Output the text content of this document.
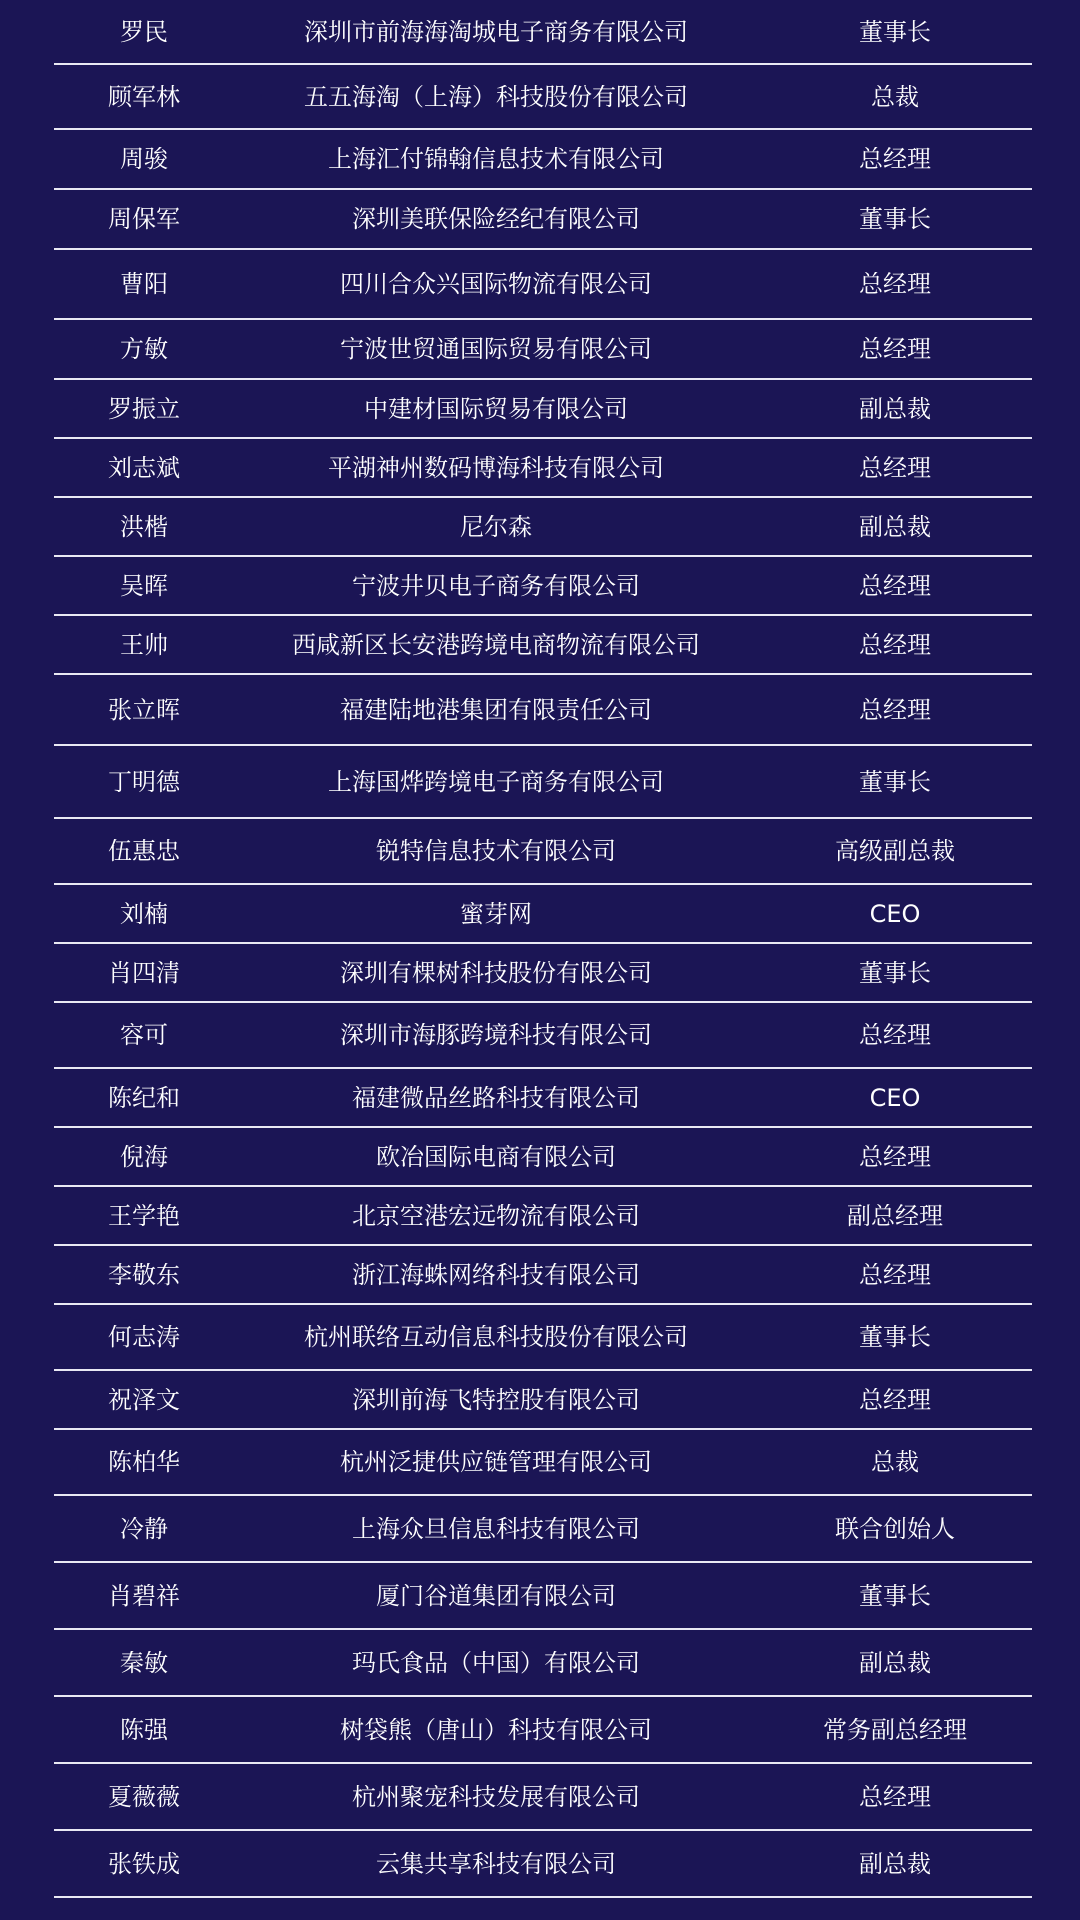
罗民	深圳市前海海淘城电子商务有限公司	董事长
顾军林	五五海淘（上海）科技股份有限公司	总裁
周骏	上海汇付锦翰信息技术有限公司	总经理
周保军	深圳美联保险经纪有限公司	董事长
曹阳	四川合众兴国际物流有限公司	总经理
方敏	宁波世贸通国际贸易有限公司	总经理
罗振立	中建材国际贸易有限公司	副总裁
刘志斌	平湖神州数码博海科技有限公司	总经理
洪楷	尼尔森	副总裁
吴晖	宁波井贝电子商务有限公司	总经理
王帅	西咸新区长安港跨境电商物流有限公司	总经理
张立晖	福建陆地港集团有限责任公司	总经理
丁明德	上海国烨跨境电子商务有限公司	董事长
伍惠忠	锐特信息技术有限公司	高级副总裁
刘楠	蜜芽网	CEO
肖四清	深圳有棵树科技股份有限公司	董事长
容可	深圳市海豚跨境科技有限公司	总经理
陈纪和	福建微品丝路科技有限公司	CEO
倪海	欧冶国际电商有限公司	总经理
王学艳	北京空港宏远物流有限公司	副总经理
李敬东	浙江海蛛网络科技有限公司	总经理
何志涛	杭州联络互动信息科技股份有限公司	董事长
祝泽文	深圳前海飞特控股有限公司	总经理
陈柏华	杭州泛捷供应链管理有限公司	总裁
冷静	上海众旦信息科技有限公司	联合创始人
肖碧祥	厦门谷道集团有限公司	董事长
秦敏	玛氏食品（中国）有限公司	副总裁
陈强	树袋熊（唐山）科技有限公司	常务副总经理
夏薇薇	杭州聚宠科技发展有限公司	总经理
张铁成	云集共享科技有限公司	副总裁
